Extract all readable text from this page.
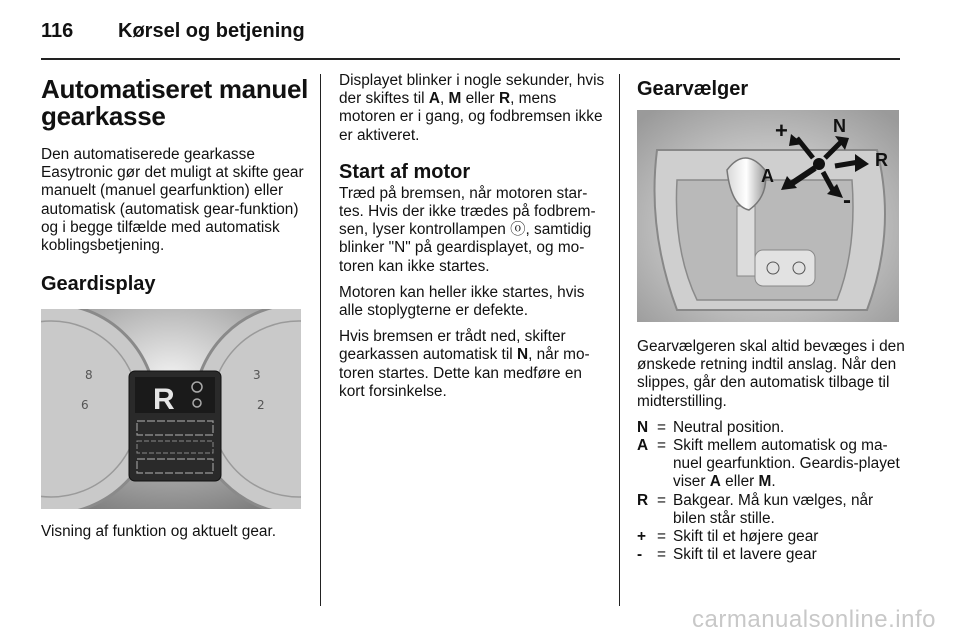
116 Kørsel og betjening
Automatiseret manuel gearkasse

Den automatiserede gearkasse Easytronic gør det muligt at skifte gear manuelt (manuel gearfunktion) eller automatisk (automatisk gear-funktion) og i begge tilfælde med automatisk koblingsbetjening.

Geardisplay
8
6
3
2
R

Visning af funktion og aktuelt gear.

Displayet blinker i nogle sekunder, hvis der skiftes til A, M eller R, mens motoren er i gang, og fodbremsen ikke er aktiveret.

Start af motor

Træd på bremsen, når motoren star-tes. Hvis der ikke trædes på fodbrem-sen, lyser kontrollampen ⓞ, samtidig blinker "N" på geardisplayet, og mo-toren kan ikke startes.

Motoren kan heller ikke startes, hvis alle stoplygterne er defekte.

Hvis bremsen er trådt ned, skifter gearkassen automatisk til N, når mo-toren startes. Dette kan medføre en kort forsinkelse.

Gearvælger
+
A
N
R
-

Gearvælgeren skal altid bevæges i den ønskede retning indtil anslag. Når den slippes, går den automatisk tilbage til midterstilling.

N = Neutral position.
A = Skift mellem automatisk og ma-nuel gearfunktion. Geardis-playet viser A eller M.
R = Bakgear. Må kun vælges, når bilen står stille.
+ = Skift til et højere gear
- = Skift til et lavere gear
carmanualsonline.info
